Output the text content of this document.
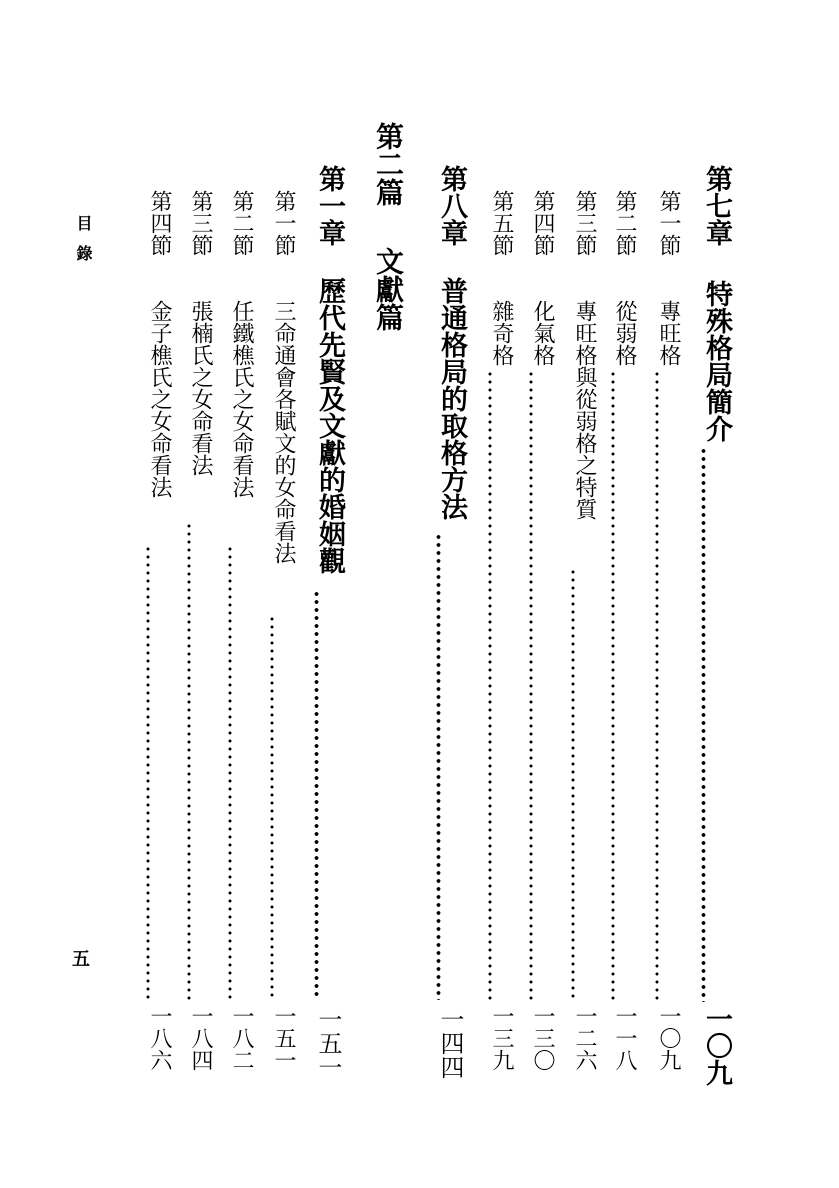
第七章
特殊格局簡介
一〇九
第一節
專旺格
一〇九
第二節
從弱格
一一八
第三節
專旺格與從弱格之特質
一二六
第四節
化氣格
一三〇
第五節
雜奇格
一三九
第八章
普通格局的取格方法
一四四
第二篇
文獻篇
第一章
歷代先賢及文獻的婚姻觀
一五一
第一節
三命通會各賦文的女命看法
一五一
第二節
任鐵樵氏之女命看法
一八二
第三節
張楠氏之女命看法
一八四
第四節
金子樵氏之女命看法
一八六
目錄
五
